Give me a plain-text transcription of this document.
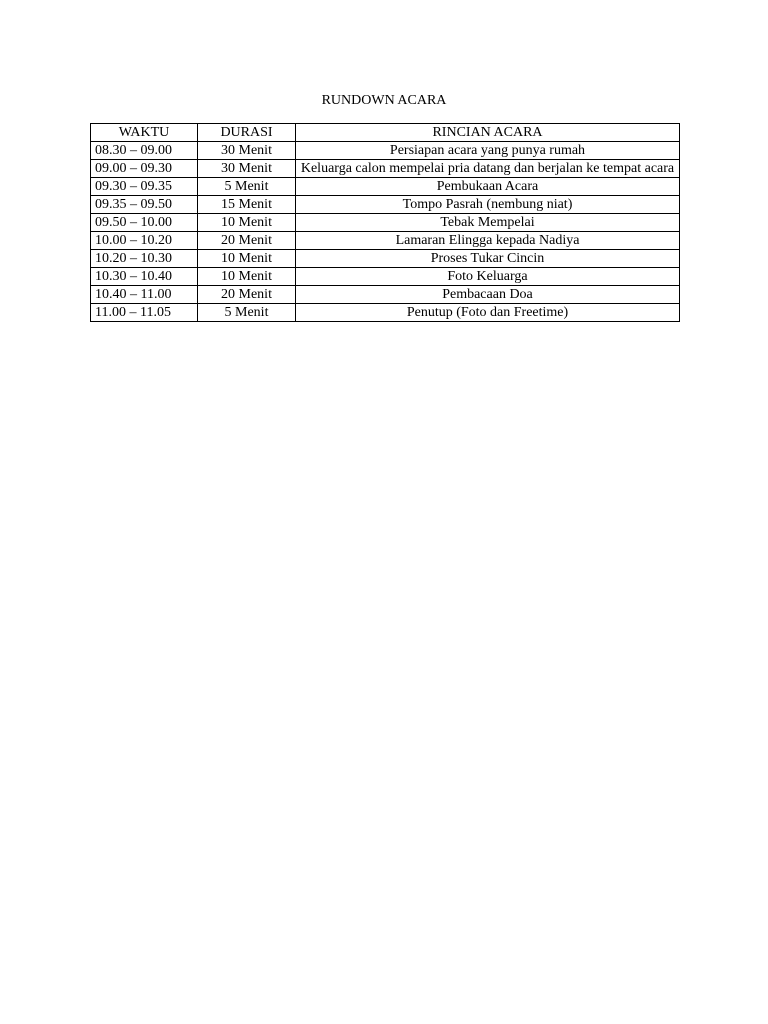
RUNDOWN ACARA
WAKTU	DURASI	RINCIAN ACARA
08.30 – 09.00	30 Menit	Persiapan acara yang punya rumah
09.00 – 09.30	30 Menit	Keluarga calon mempelai pria datang dan berjalan ke tempat acara
09.30 – 09.35	5 Menit	Pembukaan Acara
09.35 – 09.50	15 Menit	Tompo Pasrah (nembung niat)
09.50 – 10.00	10 Menit	Tebak Mempelai
10.00 – 10.20	20 Menit	Lamaran Elingga kepada Nadiya
10.20 – 10.30	10 Menit	Proses Tukar Cincin
10.30 – 10.40	10 Menit	Foto Keluarga
10.40 – 11.00	20 Menit	Pembacaan Doa
11.00 – 11.05	5 Menit	Penutup (Foto dan Freetime)
